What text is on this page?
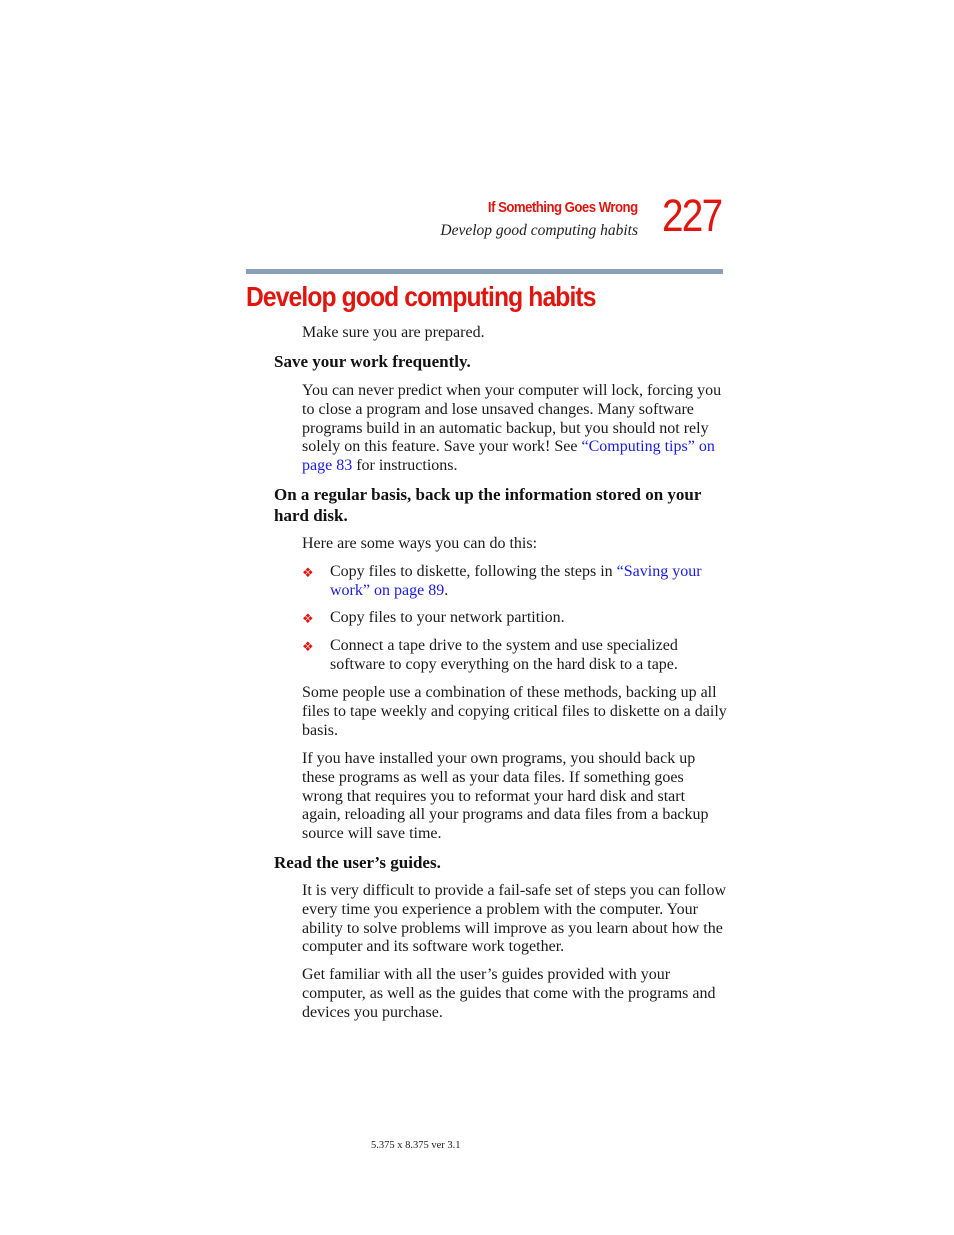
If Something Goes Wrong
Develop good computing habits 227
Develop good computing habits

Make sure you are prepared.

Save your work frequently.

You can never predict when your computer will lock, forcing you to close a program and lose unsaved changes. Many software programs build in an automatic backup, but you should not rely solely on this feature. Save your work! See “Computing tips” on page 83 for instructions.

On a regular basis, back up the information stored on your hard disk.

Here are some ways you can do this:

❖	Copy files to diskette, following the steps in “Saving your work” on page 89.

❖	Copy files to your network partition.

❖	Connect a tape drive to the system and use specialized software to copy everything on the hard disk to a tape.

Some people use a combination of these methods, backing up all files to tape weekly and copying critical files to diskette on a daily basis.

If you have installed your own programs, you should back up these programs as well as your data files. If something goes wrong that requires you to reformat your hard disk and start again, reloading all your programs and data files from a backup source will save time.

Read the user’s guides.

It is very difficult to provide a fail-safe set of steps you can follow every time you experience a problem with the computer. Your ability to solve problems will improve as you learn about how the computer and its software work together.

Get familiar with all the user’s guides provided with your computer, as well as the guides that come with the programs and devices you purchase.

5.375 x 8.375 ver 3.1
